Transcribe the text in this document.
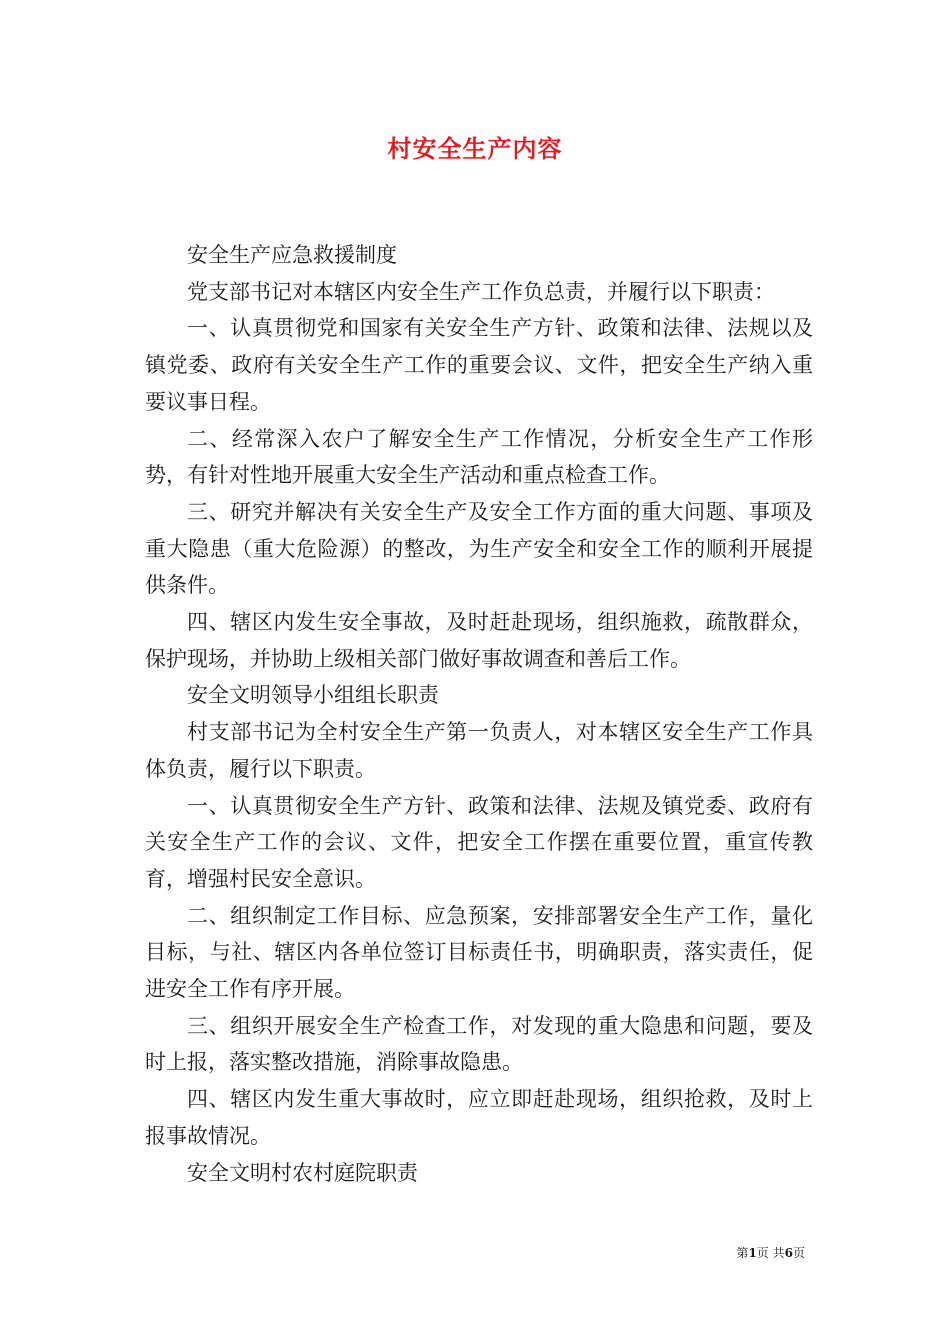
村安全生产内容

安全生产应急救援制度

党支部书记对本辖区内安全生产工作负总责，并履行以下职责：

一、认真贯彻党和国家有关安全生产方针、政策和法律、法规以及镇党委、政府有关安全生产工作的重要会议、文件，把安全生产纳入重要议事日程。

二、经常深入农户了解安全生产工作情况，分析安全生产工作形势，有针对性地开展重大安全生产活动和重点检查工作。

三、研究并解决有关安全生产及安全工作方面的重大问题、事项及重大隐患（重大危险源）的整改，为生产安全和安全工作的顺利开展提供条件。

四、辖区内发生安全事故，及时赶赴现场，组织施救，疏散群众，保护现场，并协助上级相关部门做好事故调查和善后工作。

安全文明领导小组组长职责

村支部书记为全村安全生产第一负责人，对本辖区安全生产工作具体负责，履行以下职责。

一、认真贯彻安全生产方针、政策和法律、法规及镇党委、政府有关安全生产工作的会议、文件，把安全工作摆在重要位置，重宣传教育，增强村民安全意识。

二、组织制定工作目标、应急预案，安排部署安全生产工作，量化目标，与社、辖区内各单位签订目标责任书，明确职责，落实责任，促进安全工作有序开展。

三、组织开展安全生产检查工作，对发现的重大隐患和问题，要及时上报，落实整改措施，消除事故隐患。

四、辖区内发生重大事故时，应立即赶赴现场，组织抢救，及时上报事故情况。

安全文明村农村庭院职责

第1页 共6页
